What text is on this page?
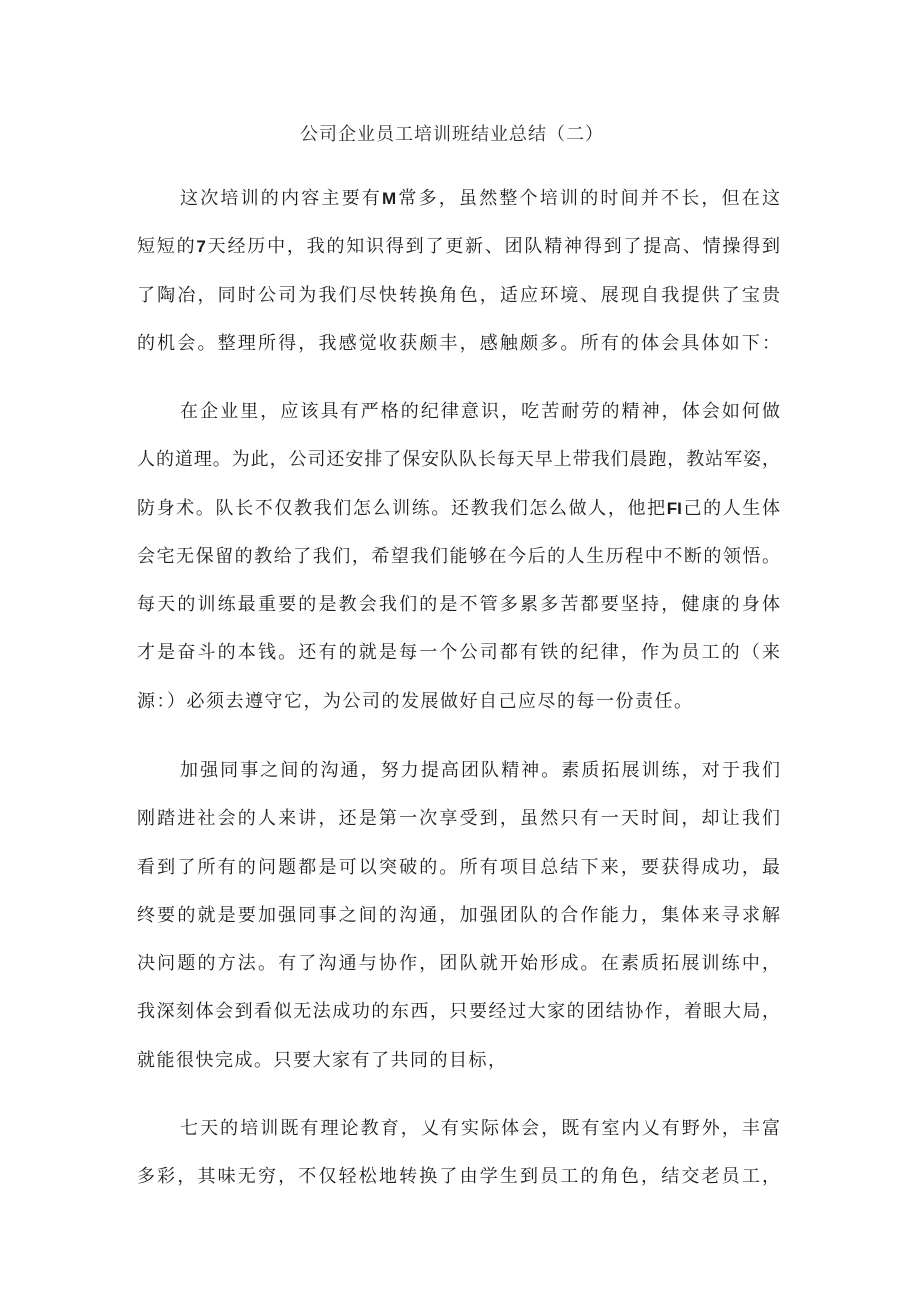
公司企业员工培训班结业总结（二）
这次培训的内容主要有M常多，虽然整个培训的时间并不长，但在这
短短的7天经历中，我的知识得到了更新、团队精神得到了提高、情操得到
了陶冶，同时公司为我们尽快转换角色，适应环境、展现自我提供了宝贵
的机会。整理所得，我感觉收获颇丰，感触颇多。所有的体会具体如下：
在企业里，应该具有严格的纪律意识，吃苦耐劳的精神，体会如何做
人的道理。为此，公司还安排了保安队队长每天早上带我们晨跑，教站军姿，
防身术。队长不仅教我们怎么训练。还教我们怎么做人，他把FI己的人生体
会宅无保留的教给了我们，希望我们能够在今后的人生历程中不断的领悟。
每天的训练最重要的是教会我们的是不管多累多苦都要坚持，健康的身体
才是奋斗的本钱。还有的就是每一个公司都有铁的纪律，作为员工的（来
源：）必须去遵守它，为公司的发展做好自己应尽的每一份责任。
加强同事之间的沟通，努力提高团队精神。素质拓展训练，对于我们
刚踏进社会的人来讲，还是第一次享受到，虽然只有一天时间，却让我们
看到了所有的问题都是可以突破的。所有项目总结下来，要获得成功，最
终要的就是要加强同事之间的沟通，加强团队的合作能力，集体来寻求解
决问题的方法。有了沟通与协作，团队就开始形成。在素质拓展训练中，
我深刻体会到看似无法成功的东西，只要经过大家的团结协作，着眼大局，
就能很快完成。只要大家有了共同的目标，
七天的培训既有理论教育，乂有实际体会，既有室内乂有野外，丰富
多彩，其味无穷，不仅轻松地转换了由学生到员工的角色，结交老员工，
